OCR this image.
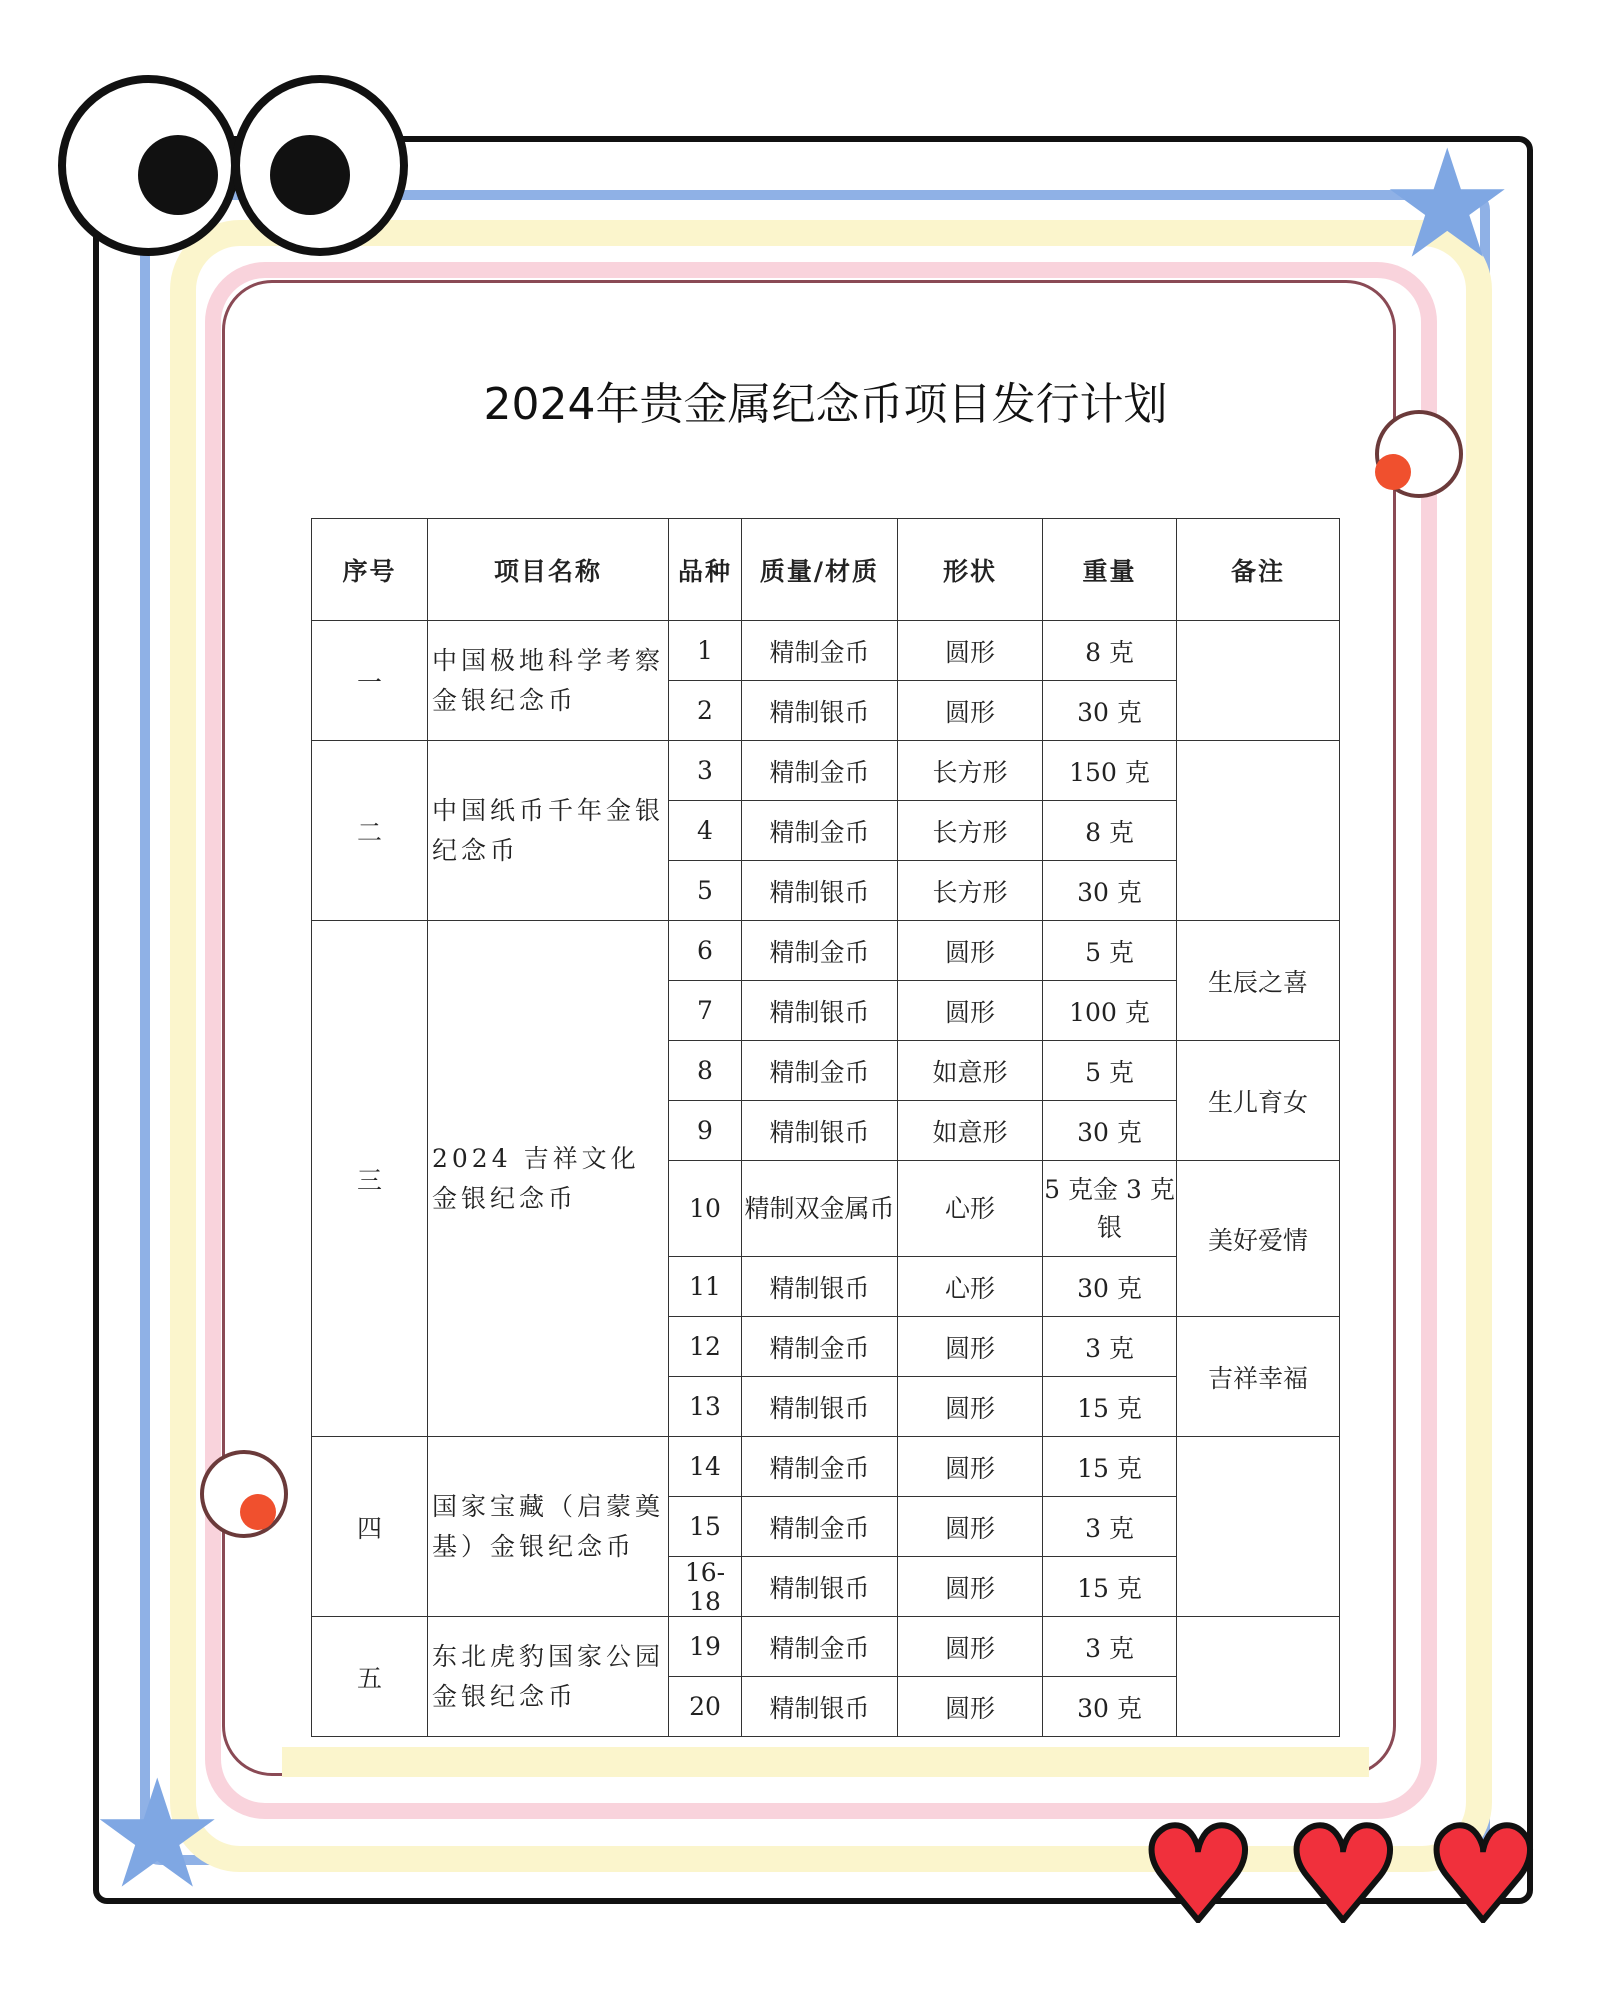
★
★	♥ ♥ ♥
2024年贵金属纪念币项目发行计划
序号	项目名称	品种	质量/材质	形状	重量	备注
一	中国极地科学考察金银纪念币	1	精制金币	圆形	8 克	
		2	精制银币	圆形	30 克	
二	中国纸币千年金银纪念币	3	精制金币	长方形	150 克	
		4	精制金币	长方形	8 克	
		5	精制银币	长方形	30 克	
三	2024 吉祥文化金银纪念币	6	精制金币	圆形	5 克	生辰之喜
		7	精制银币	圆形	100 克	
		8	精制金币	如意形	5 克	生儿育女
		9	精制银币	如意形	30 克	
		10	精制双金属币	心形	5 克金 3 克银	美好爱情
		11	精制银币	心形	30 克	
		12	精制金币	圆形	3 克	吉祥幸福
		13	精制银币	圆形	15 克	
四	国家宝藏（启蒙奠基）金银纪念币	14	精制金币	圆形	15 克	
		15	精制金币	圆形	3 克	
		16-18	精制银币	圆形	15 克	
五	东北虎豹国家公园金银纪念币	19	精制金币	圆形	3 克	
		20	精制银币	圆形	30 克	
